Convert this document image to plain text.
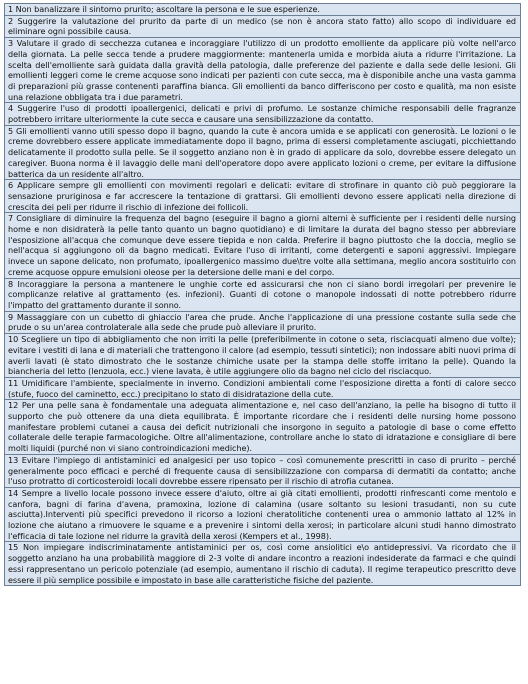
1 Non banalizzare il sintomo prurito; ascoltare la persona e le sue esperienze.
2 Suggerire la valutazione del prurito da parte di un medico (se non è ancora stato fatto) allo scopo di individuare ed eliminare ogni possibile causa.
3 Valutare il grado di secchezza cutanea e incoraggiare l'utilizzo di un prodotto emolliente da applicare più volte nell'arco della giornata. La pelle secca tende a prudere maggiormente: mantenerla umida e morbida aiuta a ridurre l'irritazione. La scelta dell'emolliente sarà guidata dalla gravità della patologia, dalle preferenze del paziente e dalla sede delle lesioni. Gli emollienti leggeri come le creme acquose sono indicati per pazienti con cute secca, ma è disponibile anche una vasta gamma di preparazioni più grasse contenenti paraffina bianca. Gli emollienti da banco differiscono per costo e qualità, ma non esiste una relazione obbligata tra i due parametri.
4 Suggerire l'uso di prodotti ipoallergenici, delicati e privi di profumo. Le sostanze chimiche responsabili delle fragranze potrebbero irritare ulteriormente la cute secca e causare una sensibilizzazione da contatto.
5 Gli emollienti vanno utili spesso dopo il bagno, quando la cute è ancora umida e se applicati con generosità. Le lozioni o le creme dovrebbero essere applicate immediatamente dopo il bagno, prima di essersi completamente asciugati, picchiettando delicatamente il prodotto sulla pelle. Se il soggetto anziano non è in grado di applicare da solo, dovrebbe essere delegato un caregiver. Buona norma è il lavaggio delle mani dell'operatore dopo avere applicato lozioni o creme, per evitare la diffusione batterica da un residente all'altro.
6 Applicare sempre gli emollienti con movimenti regolari e delicati: evitare di strofinare in quanto ciò può peggiorare la sensazione pruriginosa e far accrescere la tentazione di grattarsi. Gli emollienti devono essere applicati nella direzione di crescita dei peli per ridurre il rischio di infezione dei follicoli.
7 Consigliare di diminuire la frequenza del bagno (eseguire il bagno a giorni alterni è sufficiente per i residenti delle nursing home e non disidraterà la pelle tanto quanto un bagno quotidiano) e di limitare la durata del bagno stesso per abbreviare l'esposizione all'acqua che comunque deve essere tiepida e non calda. Preferire il bagno piuttosto che la doccia, meglio se nell'acqua si aggiungono oli da bagno medicati. Evitare l'uso di irritanti, come detergenti e saponi aggressivi. Impiegare invece un sapone delicato, non profumato, ipoallergenico massimo due\tre volte alla settimana, meglio ancora sostituirlo con creme acquose oppure emulsioni oleose per la detersione delle mani e del corpo.
8 Incoraggiare la persona a mantenere le unghie corte ed assicurarsi che non ci siano bordi irregolari per prevenire le complicanze relative al grattamento (es. infezioni). Guanti di cotone o manopole indossati di notte potrebbero ridurre l'impatto del grattamento durante il sonno.
9 Massaggiare con un cubetto di ghiaccio l'area che prude. Anche l'applicazione di una pressione costante sulla sede che prude o su un'area controlaterale alla sede che prude può alleviare il prurito.
10 Scegliere un tipo di abbigliamento che non irriti la pelle (preferibilmente in cotone o seta, risciacquati almeno due volte); evitare i vestiti di lana e di materiali che trattengono il calore (ad esempio, tessuti sintetici); non indossare abiti nuovi prima di averli lavati (è stato dimostrato che le sostanze chimiche usate per la stampa delle stoffe irritano la pelle). Quando la biancheria del letto (lenzuola, ecc.) viene lavata, è utile aggiungere olio da bagno nel ciclo del risciacquo.
11 Umidificare l'ambiente, specialmente in inverno. Condizioni ambientali come l'esposizione diretta a fonti di calore secco (stufe, fuoco del caminetto, ecc.) precipitano lo stato di disidratazione della cute.
12 Per una pelle sana è fondamentale una adeguata alimentazione e, nel caso dell'anziano, la pelle ha bisogno di tutto il supporto che può ottenere da una dieta equilibrata. È importante ricordare che i residenti delle nursing home possono manifestare problemi cutanei a causa dei deficit nutrizionali che insorgono in seguito a patologie di base o come effetto collaterale delle terapie farmacologiche. Oltre all'alimentazione, controllare anche lo stato di idratazione e consigliare di bere molti liquidi (purché non vi siano controindicazioni mediche).
13 Evitare l'impiego di antistaminici ed analgesici per uso topico – così comunemente prescritti in caso di prurito – perché generalmente poco efficaci e perché di frequente causa di sensibilizzazione con comparsa di dermatiti da contatto; anche l'uso protratto di corticosteroidi locali dovrebbe essere ripensato per il rischio di atrofia cutanea.
14 Sempre a livello locale possono invece essere d'aiuto, oltre ai già citati emollienti, prodotti rinfrescanti come mentolo e canfora, bagni di farina d'avena, pramoxina, lozione di calamina (usare soltanto su lesioni trasudanti, non su cute asciutta).Interventi più specifici prevedono il ricorso a lozioni cheratolitiche contenenti urea o ammonio lattato al 12% in lozione che aiutano a rimuovere le squame e a prevenire i sintomi della xerosi; in particolare alcuni studi hanno dimostrato l'efficacia di tale lozione nel ridurre la gravità della xerosi (Kempers et al., 1998).
15 Non impiegare indiscriminatamente antistaminici per os, così come ansiolitici e\o antidepressivi. Va ricordato che il soggetto anziano ha una probabilità maggiore di 2-3 volte di andare incontro a reazioni indesiderate da farmaci e che quindi essi rappresentano un pericolo potenziale (ad esempio, aumentano il rischio di caduta). Il regime terapeutico prescritto deve essere il più semplice possibile e impostato in base alle caratteristiche fisiche del paziente.
